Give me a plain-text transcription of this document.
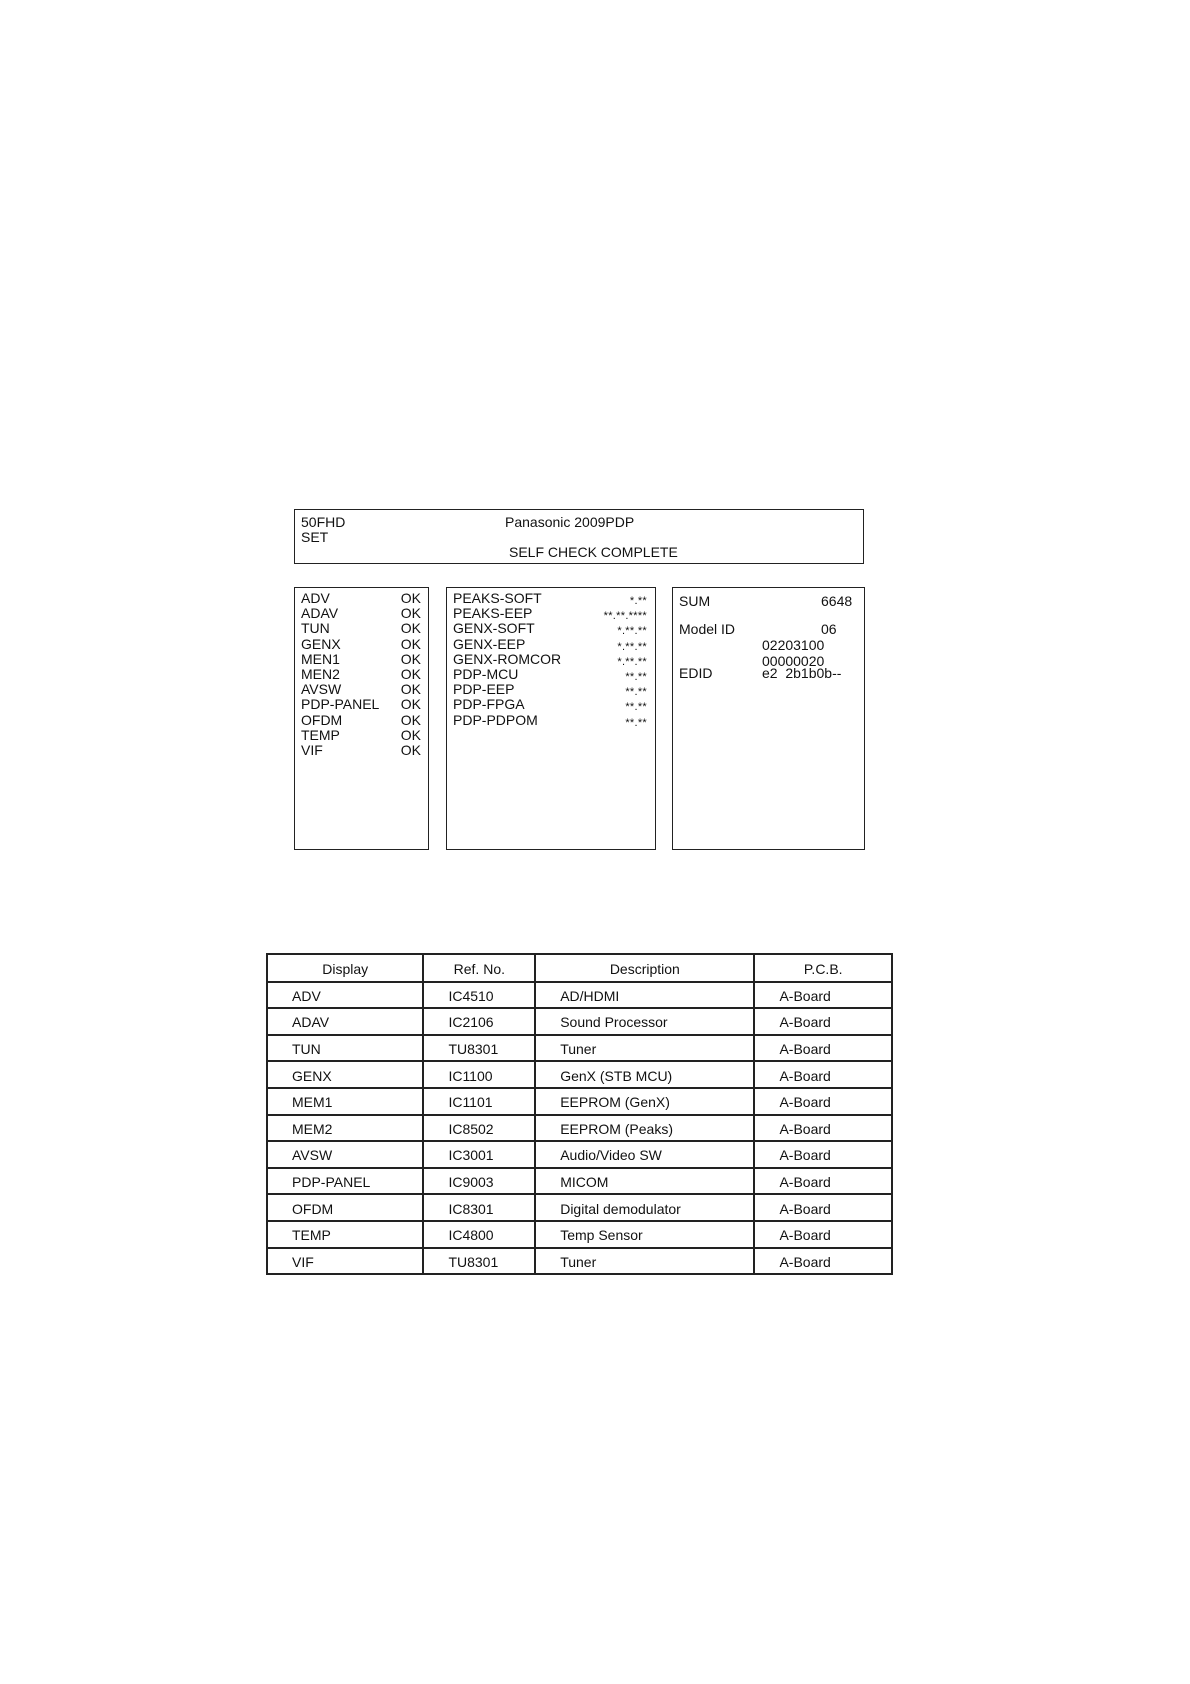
50FHD
SET
Panasonic 2009PDP
SELF CHECK COMPLETE
ADV	OK
ADAV	OK
TUN	OK
GENX	OK
MEN1	OK
MEN2	OK
AVSW	OK
PDP-PANEL OK
OFDM	OK
TEMP	OK
VIF	OK
PEAKS-SOFT	*.**
PEAKS-EEP	**.**.****
GENX-SOFT	*.**.**
GENX-EEP	*.**.**
GENX-ROMCOR	*.**.**
PDP-MCU	**.**
PDP-EEP	**.**
PDP-FPGA	**.**
PDP-PDPOM	**.**
SUM	6648
Model ID	06
02203100
00000020
EDID	e2  2b1b0b--
Display	Ref. No.	Description	P.C.B.
ADV	IC4510	AD/HDMI	A-Board
ADAV	IC2106	Sound Processor	A-Board
TUN	TU8301	Tuner	A-Board
GENX	IC1100	GenX (STB MCU)	A-Board
MEM1	IC1101	EEPROM (GenX)	A-Board
MEM2	IC8502	EEPROM (Peaks)	A-Board
AVSW	IC3001	Audio/Video SW	A-Board
PDP-PANEL	IC9003	MICOM	A-Board
OFDM	IC8301	Digital demodulator	A-Board
TEMP	IC4800	Temp Sensor	A-Board
VIF	TU8301	Tuner	A-Board
